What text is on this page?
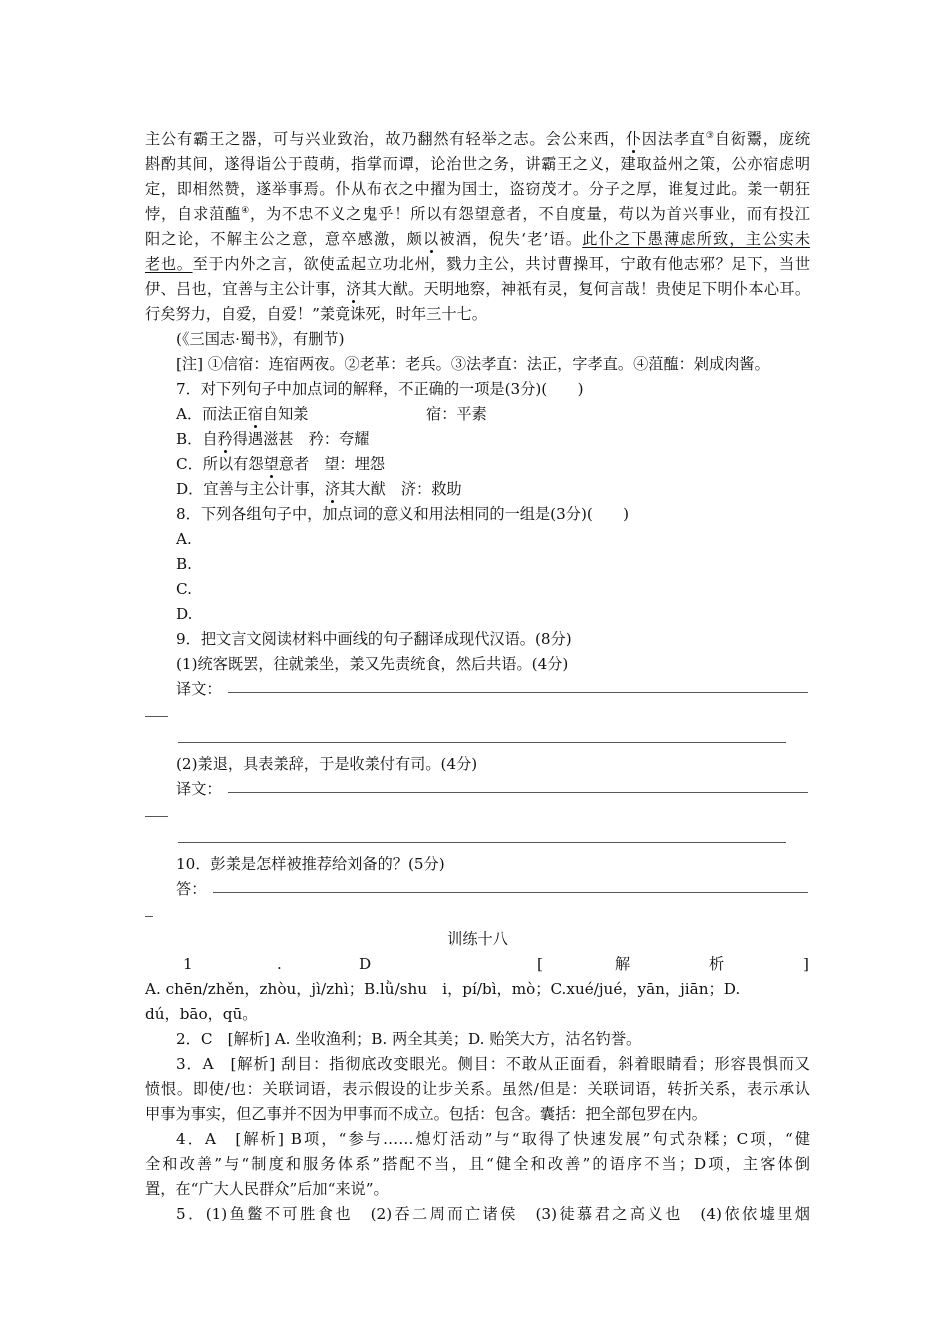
主公有霸王之器，可与兴业致治，故乃翻然有轻举之志。会公来西，仆因法孝直③自衒鬻，庞统
斟酌其间，遂得诣公于葭萌，指掌而谭，论治世之务，讲霸王之义，建取益州之策，公亦宿虑明
定，即相然赞，遂举事焉。仆从布衣之中擢为国士，盗窃茂才。分子之厚，谁复过此。羕一朝狂
悖，自求菹醢④，为不忠不义之鬼乎！所以有怨望意者，不自度量，苟以为首兴事业，而有投江
阳之论，不解主公之意，意卒感激，颇以被酒，倪失‘老’语。此仆之下愚薄虑所致，主公实未
老也。至于内外之言，欲使孟起立功北州，戮力主公，共讨曹操耳，宁敢有他志邪？足下，当世
伊、吕也，宜善与主公计事，济其大猷。天明地察，神祇有灵，复何言哉！贵使足下明仆本心耳。
行矣努力，自爱，自爱！”羕竟诛死，时年三十七。
(《三国志·蜀书》，有删节)
[注] ①信宿：连宿两夜。②老革：老兵。③法孝直：法正，字孝直。④菹醢：剁成肉酱。
7．对下列句子中加点词的解释，不正确的一项是(3分)(　　)
A．而法正宿自知羕	宿：平素
B．自矜得遇滋甚　矜：夸耀
C．所以有怨望意者　望：埋怨
D．宜善与主公计事，济其大猷　济：救助
8．下列各组句子中，加点词的意义和用法相同的一组是(3分)(　　)
A.
B.
C.
D.
9．把文言文阅读材料中画线的句子翻译成现代汉语。(8分)
(1)统客既罢，往就羕坐，羕又先责统食，然后共语。(4分)
译文：
(2)羕退，具表羕辞，于是收羕付有司。(4分)
译文：
10．彭羕是怎样被推荐给刘备的？(5分)
答：
训练十八
1	.	D	[	解	析	]
A. chēn/zhěn，zhòu，jì/zhì；B.lǜ/shu　i，pí/bì，mò；C.xué/jué，yān，jiān；D.
dú，bāo，qū。
2．C　[解析] A. 坐收渔利；B. 两全其美；D. 贻笑大方，沽名钓誉。
3．A　[解析] 刮目：指彻底改变眼光。侧目：不敢从正面看，斜着眼睛看；形容畏惧而又
愤恨。即使/也：关联词语，表示假设的让步关系。虽然/但是：关联词语，转折关系，表示承认
甲事为事实，但乙事并不因为甲事而不成立。包括：包含。囊括：把全部包罗在内。
4．A　[解析] B项，“参与……熄灯活动”与“取得了快速发展”句式杂糅；C项，“健
全和改善”与“制度和服务体系”搭配不当，且“健全和改善”的语序不当；D项，主客体倒
置，在“广大人民群众”后加“来说”。
5．(1)鱼鳖不可胜食也　(2)吞二周而亡诸侯　(3)徒慕君之高义也　(4)依依墟里烟
